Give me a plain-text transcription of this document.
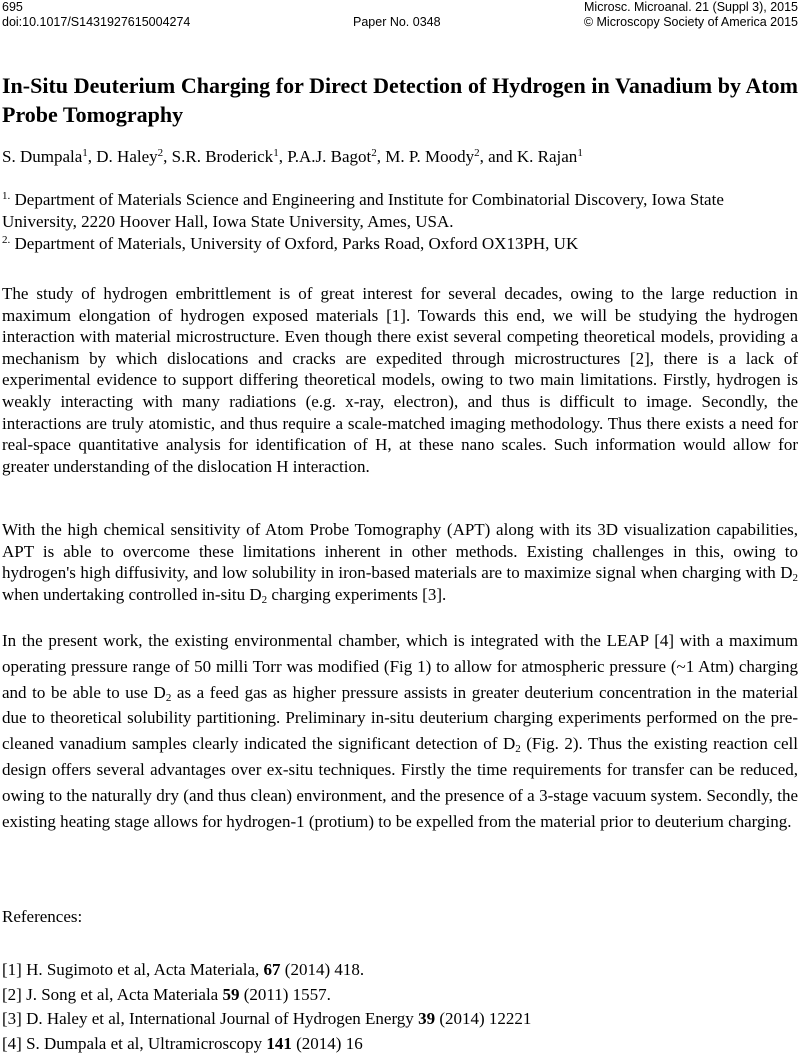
695
doi:10.1017/S1431927615004274	Paper No. 0348
Microsc. Microanal. 21 (Suppl 3), 2015
© Microscopy Society of America 2015
In-Situ Deuterium Charging for Direct Detection of Hydrogen in Vanadium by Atom Probe Tomography
S. Dumpala$^1$, D. Haley$^2$, S.R. Broderick$^1$, P.A.J. Bagot$^2$, M. P. Moody$^2$, and K. Rajan$^1$
$^{1.}$ Department of Materials Science and Engineering and Institute for Combinatorial Discovery, Iowa State University, 2220 Hoover Hall, Iowa State University, Ames, USA.
$^{2.}$ Department of Materials, University of Oxford, Parks Road, Oxford OX13PH, UK

The study of hydrogen embrittlement is of great interest for several decades, owing to the large reduction in maximum elongation of hydrogen exposed materials [1]. Towards this end, we will be studying the hydrogen interaction with material microstructure. Even though there exist several competing theoretical models, providing a mechanism by which dislocations and cracks are expedited through microstructures [2], there is a lack of experimental evidence to support differing theoretical models, owing to two main limitations. Firstly, hydrogen is weakly interacting with many radiations (e.g. x-ray, electron), and thus is difficult to image. Secondly, the interactions are truly atomistic, and thus require a scale-matched imaging methodology. Thus there exists a need for real-space quantitative analysis for identification of H, at these nano scales. Such information would allow for greater understanding of the dislocation H interaction.

With the high chemical sensitivity of Atom Probe Tomography (APT) along with its 3D visualization capabilities, APT is able to overcome these limitations inherent in other methods. Existing challenges in this, owing to hydrogen's high diffusivity, and low solubility in iron-based materials are to maximize signal when charging with $D_2$ when undertaking controlled in-situ $D_2$ charging experiments [3].

In the present work, the existing environmental chamber, which is integrated with the LEAP [4] with a maximum operating pressure range of 50 milli Torr was modified (Fig 1) to allow for atmospheric pressure (~1 Atm) charging and to be able to use $D_2$ as a feed gas as higher pressure assists in greater deuterium concentration in the material due to theoretical solubility partitioning. Preliminary in-situ deuterium charging experiments performed on the pre-cleaned vanadium samples clearly indicated the significant detection of $D_2$ (Fig. 2). Thus the existing reaction cell design offers several advantages over ex-situ techniques. Firstly the time requirements for transfer can be reduced, owing to the naturally dry (and thus clean) environment, and the presence of a 3-stage vacuum system. Secondly, the existing heating stage allows for hydrogen-1 (protium) to be expelled from the material prior to deuterium charging.

References:
[1] H. Sugimoto et al, Acta Materiala, 67 (2014) 418.
[2] J. Song et al, Acta Materiala 59 (2011) 1557.
[3] D. Haley et al, International Journal of Hydrogen Energy 39 (2014) 12221
[4] S. Dumpala et al, Ultramicroscopy 141 (2014) 16
